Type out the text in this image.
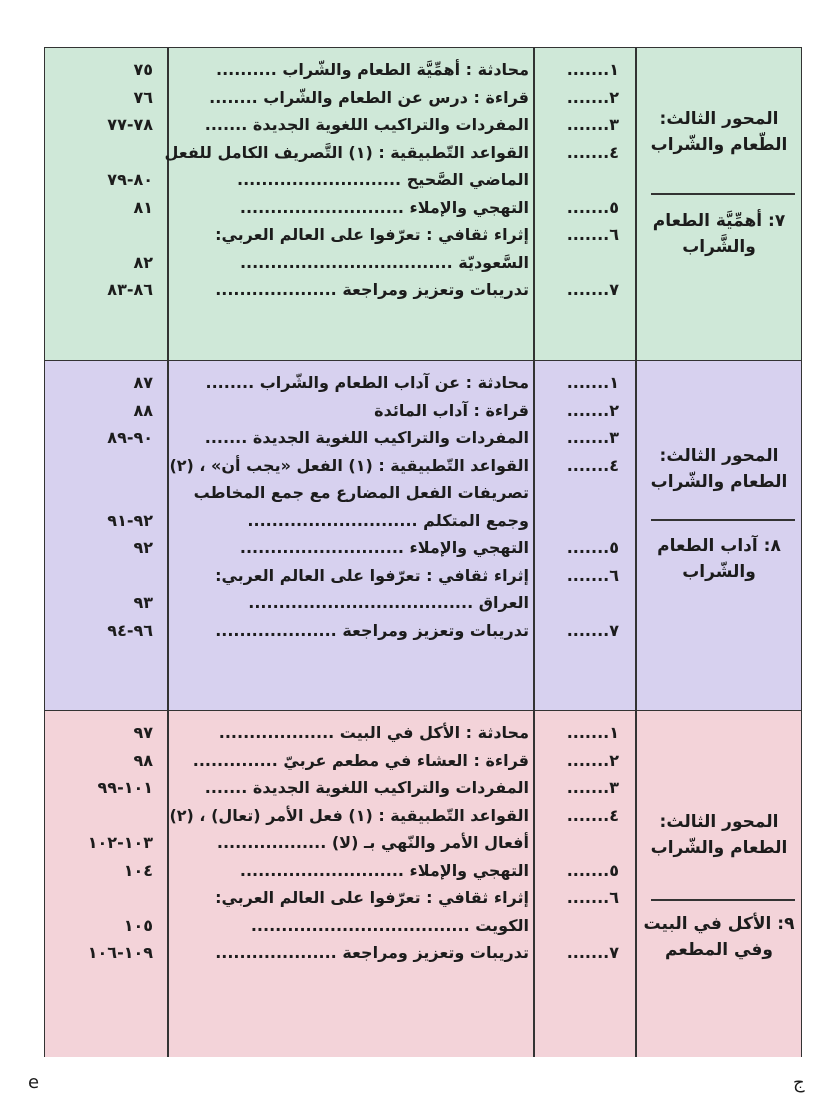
المحور الثالث: الطّعام والشّراب
٧: أهمِّيَّة الطعام والشَّراب
١.......
محادثة : أهمِّيَّة الطعام والشّراب ..........
٧٥
٢.......
قراءة : درس عن الطعام والشّراب ........
٧٦
٣.......
المفردات والتراكيب اللغوية الجديدة .......
٧٨-٧٧
٤.......
القواعد التّطبيقية : (١) التَّصريف الكامل للفعل
الماضي الصَّحيح ...........................
٨٠-٧٩
٥.......
التهجي والإملاء ...........................
٨١
٦.......
إثراء ثقافي : تعرّفوا على العالم العربي:
السَّعوديّة ...................................
٨٢
٧.......
تدريبات وتعزيز ومراجعة ....................
٨٦-٨٣
المحور الثالث: الطعام والشّراب
٨: آداب الطعام والشّراب
١.......
محادثة : عن آداب الطعام والشّراب ........
٨٧
٢.......
قراءة : آداب المائدة
٨٨
٣.......
المفردات والتراكيب اللغوية الجديدة .......
٩٠-٨٩
٤.......
القواعد التّطبيقية : (١) الفعل «يجب أن» ، (٢)
تصريفات الفعل المضارع مع جمع المخاطب
وجمع المتكلم ............................
٩٢-٩١
٥.......
التهجي والإملاء ...........................
٩٢
٦.......
إثراء ثقافي : تعرّفوا على العالم العربي:
العراق .....................................
٩٣
٧.......
تدريبات وتعزيز ومراجعة ....................
٩٦-٩٤
المحور الثالث: الطعام والشّراب
٩: الأكل في البيت وفي المطعم
١.......
محادثة : الأكل في البيت ...................
٩٧
٢.......
قراءة : العشاء في مطعم عربيّ ..............
٩٨
٣.......
المفردات والتراكيب اللغوية الجديدة .......
١٠١-٩٩
٤.......
القواعد التّطبيقية : (١) فعل الأمر (تعال) ، (٢)
أفعال الأمر والنّهي بـ (لا) ..................
١٠٣-١٠٢
٥.......
التهجي والإملاء ...........................
١٠٤
٦.......
إثراء ثقافي : تعرّفوا على العالم العربي:
الكويت ....................................
١٠٥
٧.......
تدريبات وتعزيز ومراجعة ....................
١٠٩-١٠٦
e	ج
